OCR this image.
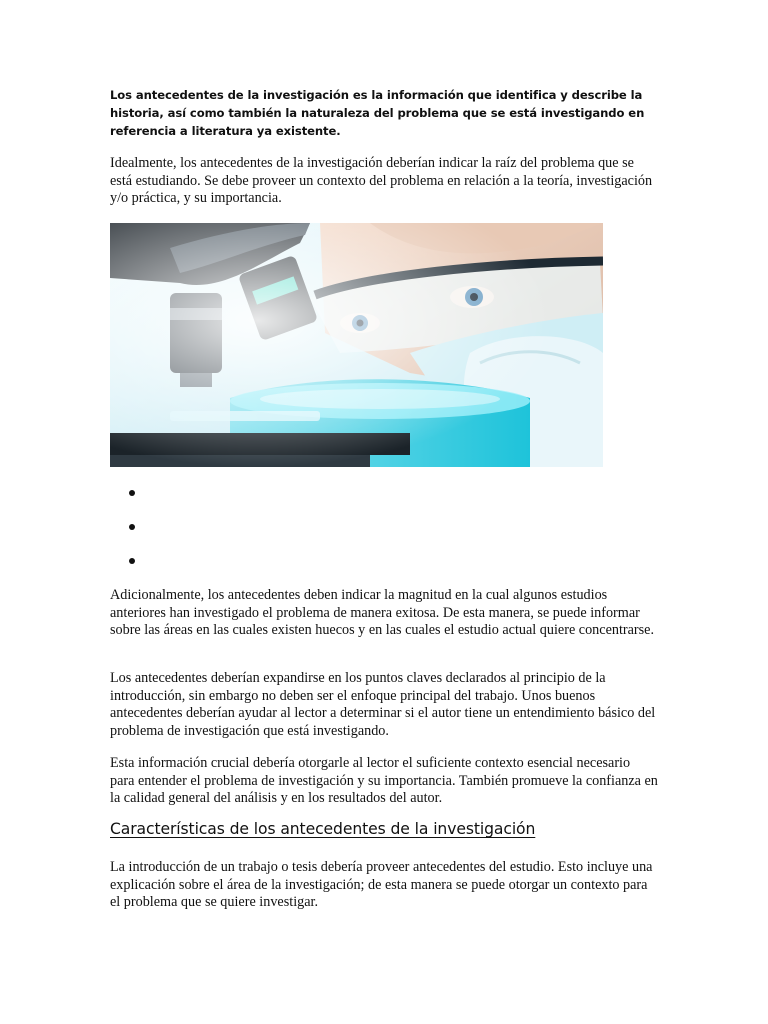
Los antecedentes de la investigación es la información que identifica y describe la historia, así como también la naturaleza del problema que se está investigando en referencia a literatura ya existente.

Idealmente, los antecedentes de la investigación deberían indicar la raíz del problema que se está estudiando. Se debe proveer un contexto del problema en relación a la teoría, investigación y/o práctica, y su importancia.

Adicionalmente, los antecedentes deben indicar la magnitud en la cual algunos estudios anteriores han investigado el problema de manera exitosa. De esta manera, se puede informar sobre las áreas en las cuales existen huecos y en las cuales el estudio actual quiere concentrarse.

Los antecedentes deberían expandirse en los puntos claves declarados al principio de la introducción, sin embargo no deben ser el enfoque principal del trabajo. Unos buenos antecedentes deberían ayudar al lector a determinar si el autor tiene un entendimiento básico del problema de investigación que está investigando.

Esta información crucial debería otorgarle al lector el suficiente contexto esencial necesario para entender el problema de investigación y su importancia. También promueve la confianza en la calidad general del análisis y en los resultados del autor.

Características de los antecedentes de la investigación

La introducción de un trabajo o tesis debería proveer antecedentes del estudio. Esto incluye una explicación sobre el área de la investigación; de esta manera se puede otorgar un contexto para el problema que se quiere investigar.
